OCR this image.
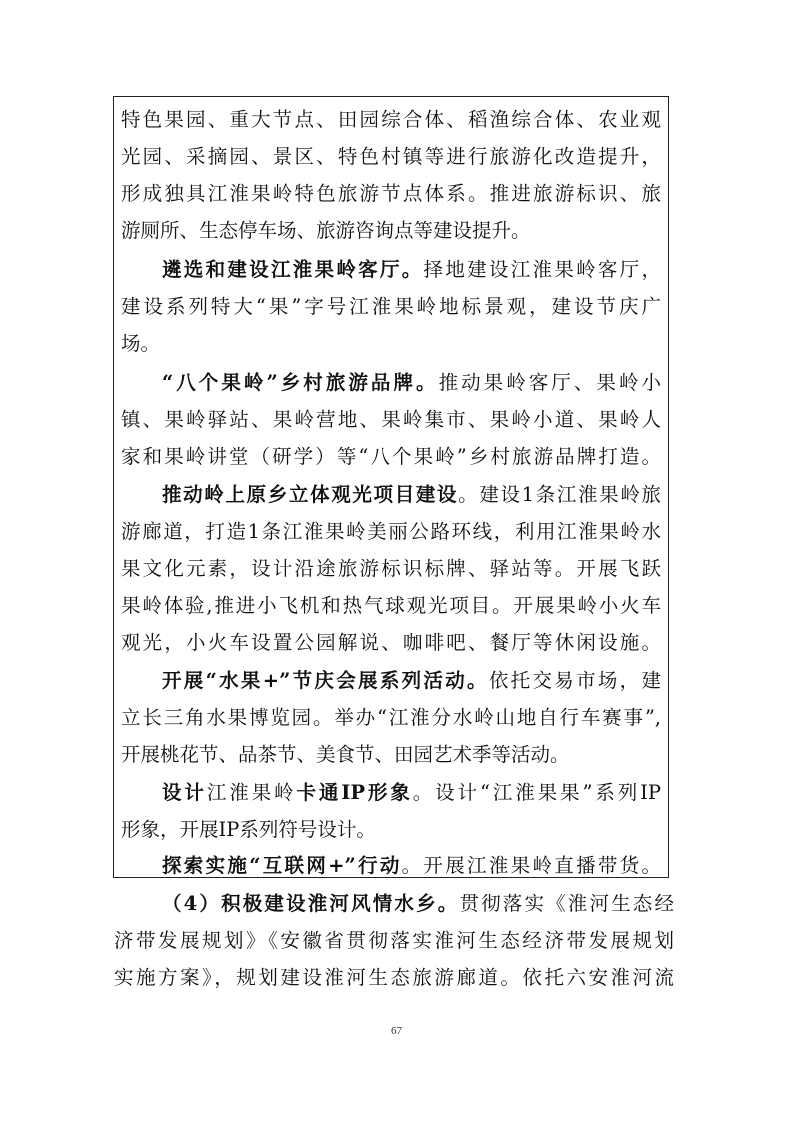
特色果园、重大节点、田园综合体、稻渔综合体、农业观
光园、采摘园、景区、特色村镇等进行旅游化改造提升，
形成独具江淮果岭特色旅游节点体系。推进旅游标识、旅
游厕所、生态停车场、旅游咨询点等建设提升。
遴选和建设江淮果岭客厅。择地建设江淮果岭客厅，
建设系列特大“果”字号江淮果岭地标景观，建设节庆广
场。
“八个果岭”乡村旅游品牌。推动果岭客厅、果岭小
镇、果岭驿站、果岭营地、果岭集市、果岭小道、果岭人
家和果岭讲堂（研学）等“八个果岭”乡村旅游品牌打造。
推动岭上原乡立体观光项目建设。建设1条江淮果岭旅
游廊道，打造1条江淮果岭美丽公路环线，利用江淮果岭水
果文化元素，设计沿途旅游标识标牌、驿站等。开展飞跃
果岭体验,推进小飞机和热气球观光项目。开展果岭小火车
观光，小火车设置公园解说、咖啡吧、餐厅等休闲设施。
开展“水果+”节庆会展系列活动。依托交易市场，建
立长三角水果博览园。举办“江淮分水岭山地自行车赛事”,
开展桃花节、品茶节、美食节、田园艺术季等活动。
设计江淮果岭卡通IP形象。设计“江淮果果”系列IP
形象，开展IP系列符号设计。
探索实施“互联网+”行动。开展江淮果岭直播带货。
（4）积极建设淮河风情水乡。贯彻落实《淮河生态经
济带发展规划》《安徽省贯彻落实淮河生态经济带发展规划
实施方案》，规划建设淮河生态旅游廊道。依托六安淮河流
67
